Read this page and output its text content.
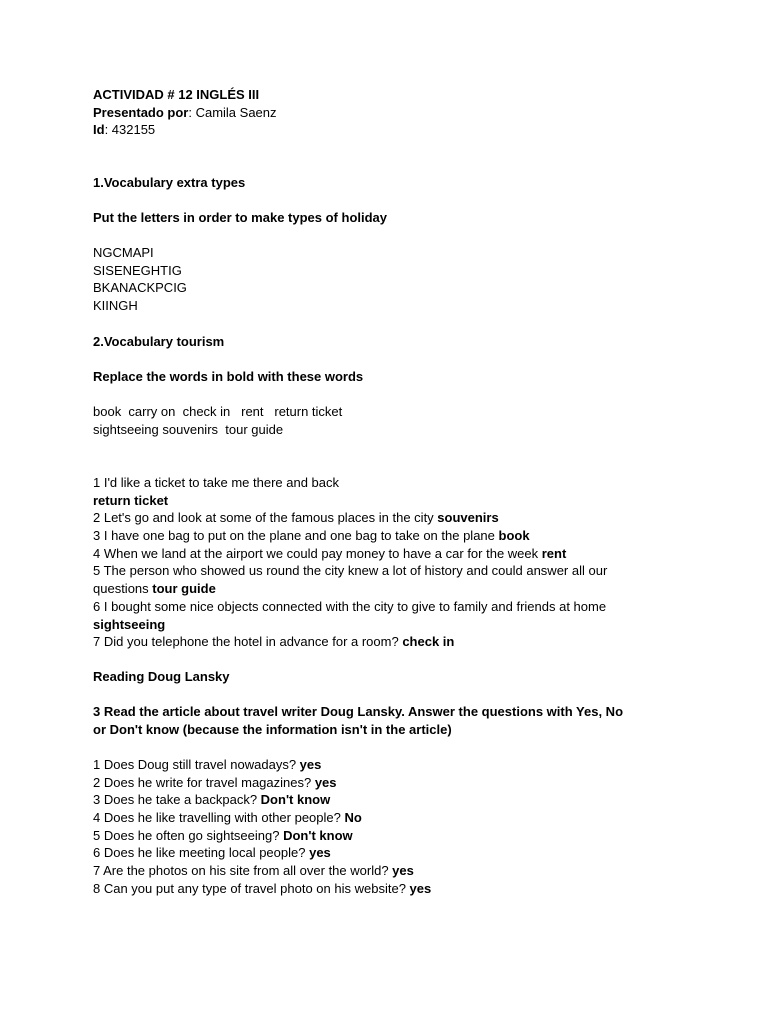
ACTIVIDAD # 12 INGLÉS III
Presentado por: Camila Saenz
Id: 432155
1.Vocabulary extra types
Put the letters in order to make types of holiday
NGCMAPI
SISENEGHTIG
BKANACKPCIG
KIINGH
2.Vocabulary tourism
Replace the words in bold with these words
book  carry on  check in   rent   return ticket
sightseeing souvenirs  tour guide
1 I'd like a ticket to take me there and back
return ticket
2 Let's go and look at some of the famous places in the city souvenirs
3 I have one bag to put on the plane and one bag to take on the plane book
4 When we land at the airport we could pay money to have a car for the week rent
5 The person who showed us round the city knew a lot of history and could answer all our
questions tour guide
6 I bought some nice objects connected with the city to give to family and friends at home
sightseeing
7 Did you telephone the hotel in advance for a room? check in
Reading Doug Lansky
3 Read the article about travel writer Doug Lansky. Answer the questions with Yes, No
or Don't know (because the information isn't in the article)
1 Does Doug still travel nowadays? yes
2 Does he write for travel magazines? yes
3 Does he take a backpack? Don't know
4 Does he like travelling with other people? No
5 Does he often go sightseeing? Don't know
6 Does he like meeting local people? yes
7 Are the photos on his site from all over the world? yes
8 Can you put any type of travel photo on his website? yes
